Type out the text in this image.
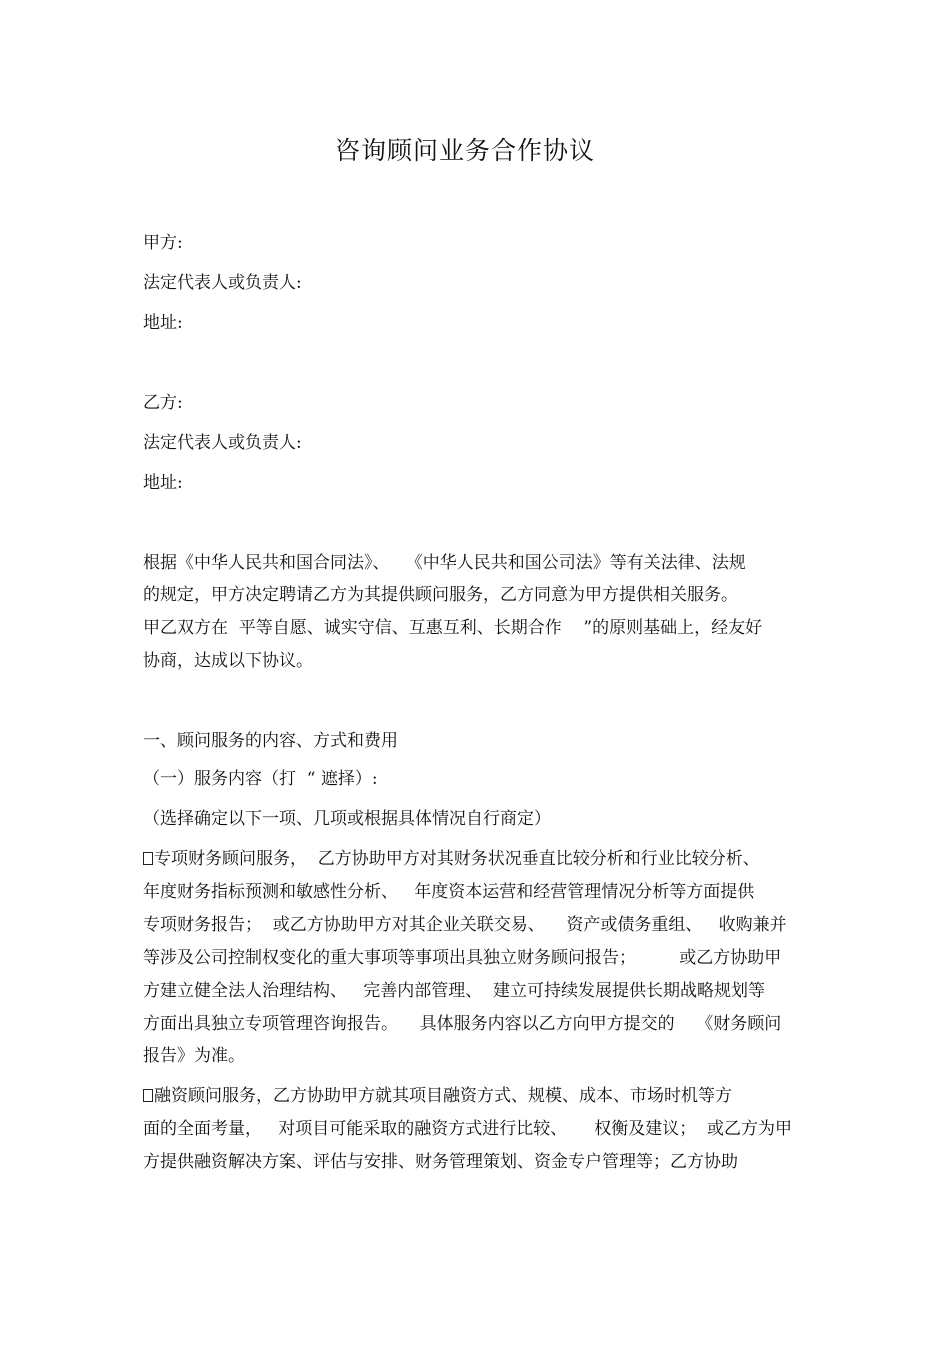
咨询顾问业务合作协议
甲方:
法定代表人或负责人:
地址:
乙方:
法定代表人或负责人:
地址:
根据《中华人民共和国合同法》、   《中华人民共和国公司法》等有关法律、法规
的规定，甲方决定聘请乙方为其提供顾问服务，乙方同意为甲方提供相关服务。
甲乙双方在  平等自愿、诚实守信、互惠互利、长期合作    ”的原则基础上，经友好
协商，达成以下协议。
一、顾问服务的内容、方式和费用
（一）服务内容（打  “ 遮择）:
（选择确定以下一项、几项或根据具体情况自行商定）
专项财务顾问服务，  乙方协助甲方对其财务状况垂直比较分析和行业比较分析、
年度财务指标预测和敏感性分析、   年度资本运营和经营管理情况分析等方面提供
专项财务报告；  或乙方协助甲方对其企业关联交易、    资产或债务重组、   收购兼并
等涉及公司控制权变化的重大事项等事项出具独立财务顾问报告；        或乙方协助甲
方建立健全法人治理结构、   完善内部管理、  建立可持续发展提供长期战略规划等
方面出具独立专项管理咨询报告。    具体服务内容以乙方向甲方提交的    《财务顾问
报告》为准。
融资顾问服务，乙方协助甲方就其项目融资方式、规模、成本、市场时机等方
面的全面考量，   对项目可能采取的融资方式进行比较、     权衡及建议；  或乙方为甲
方提供融资解决方案、评估与安排、财务管理策划、资金专户管理等；乙方协助
